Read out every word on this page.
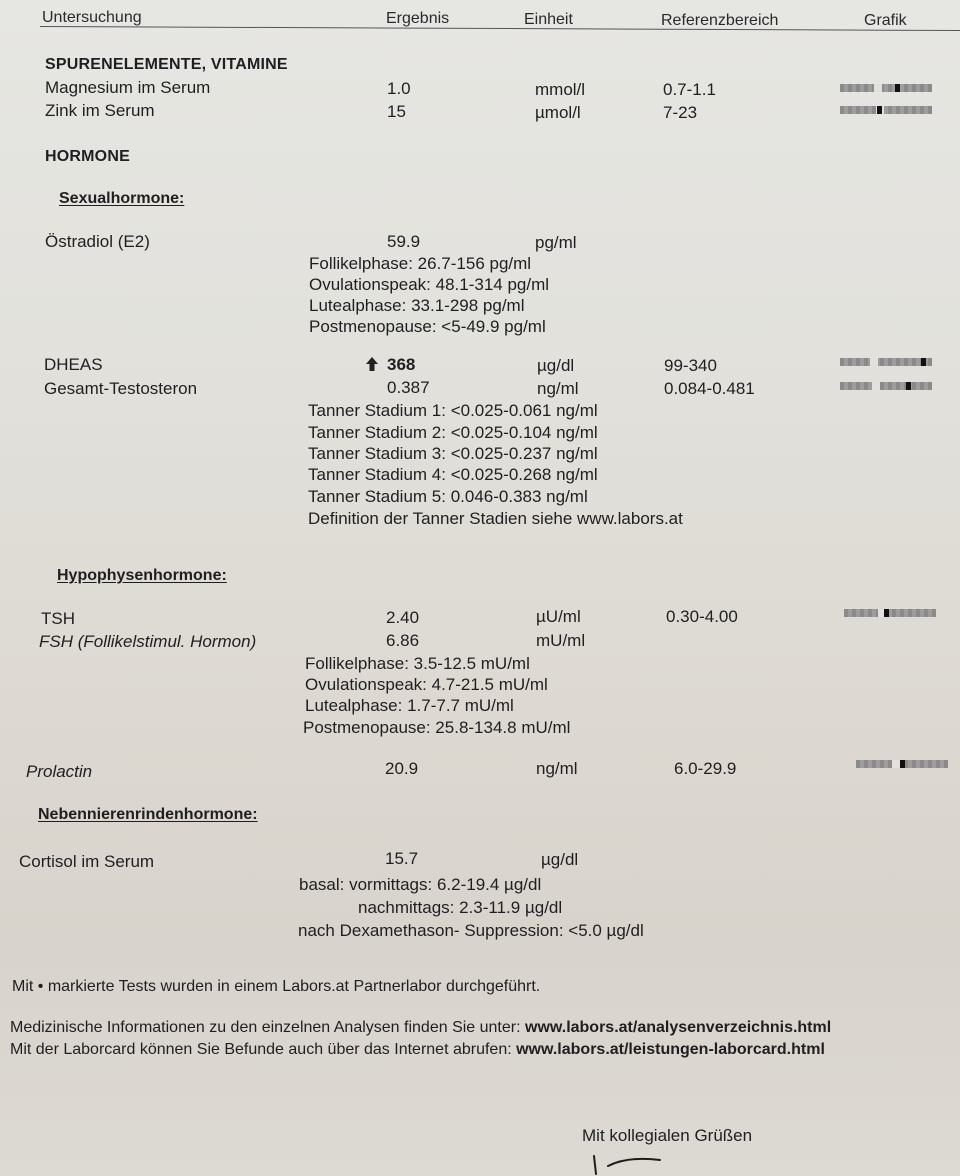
Untersuchung	Ergebnis	Einheit	Referenzbereich	Grafik
SPURENELEMENTE, VITAMINE
Magnesium im Serum	1.0	mmol/l	0.7-1.1
Zink im Serum	15	µmol/l	7-23
HORMONE
Sexualhormone:
Östradiol (E2)	59.9	pg/ml
Follikelphase: 26.7-156 pg/ml
Ovulationspeak: 48.1-314 pg/ml
Lutealphase: 33.1-298 pg/ml
Postmenopause: <5-49.9 pg/ml
DHEAS	368	µg/dl	99-340
Gesamt-Testosteron	0.387	ng/ml	0.084-0.481
Tanner Stadium 1: <0.025-0.061 ng/ml
Tanner Stadium 2: <0.025-0.104 ng/ml
Tanner Stadium 3: <0.025-0.237 ng/ml
Tanner Stadium 4: <0.025-0.268 ng/ml
Tanner Stadium 5: 0.046-0.383 ng/ml
Definition der Tanner Stadien siehe www.labors.at
Hypophysenhormone:
TSH	2.40	µU/ml	0.30-4.00
FSH (Follikelstimul. Hormon)	6.86	mU/ml
Follikelphase: 3.5-12.5 mU/ml
Ovulationspeak: 4.7-21.5 mU/ml
Lutealphase: 1.7-7.7 mU/ml
Postmenopause: 25.8-134.8 mU/ml
Prolactin	20.9	ng/ml	6.0-29.9
Nebennierenrindenhormone:
Cortisol im Serum	15.7	µg/dl
basal: vormittags: 6.2-19.4 µg/dl
nachmittags: 2.3-11.9 µg/dl
nach Dexamethason- Suppression: <5.0 µg/dl
Mit • markierte Tests wurden in einem Labors.at Partnerlabor durchgeführt.
Medizinische Informationen zu den einzelnen Analysen finden Sie unter: www.labors.at/analysenverzeichnis.html
Mit der Laborcard können Sie Befunde auch über das Internet abrufen: www.labors.at/leistungen-laborcard.html
Mit kollegialen Grüßen
